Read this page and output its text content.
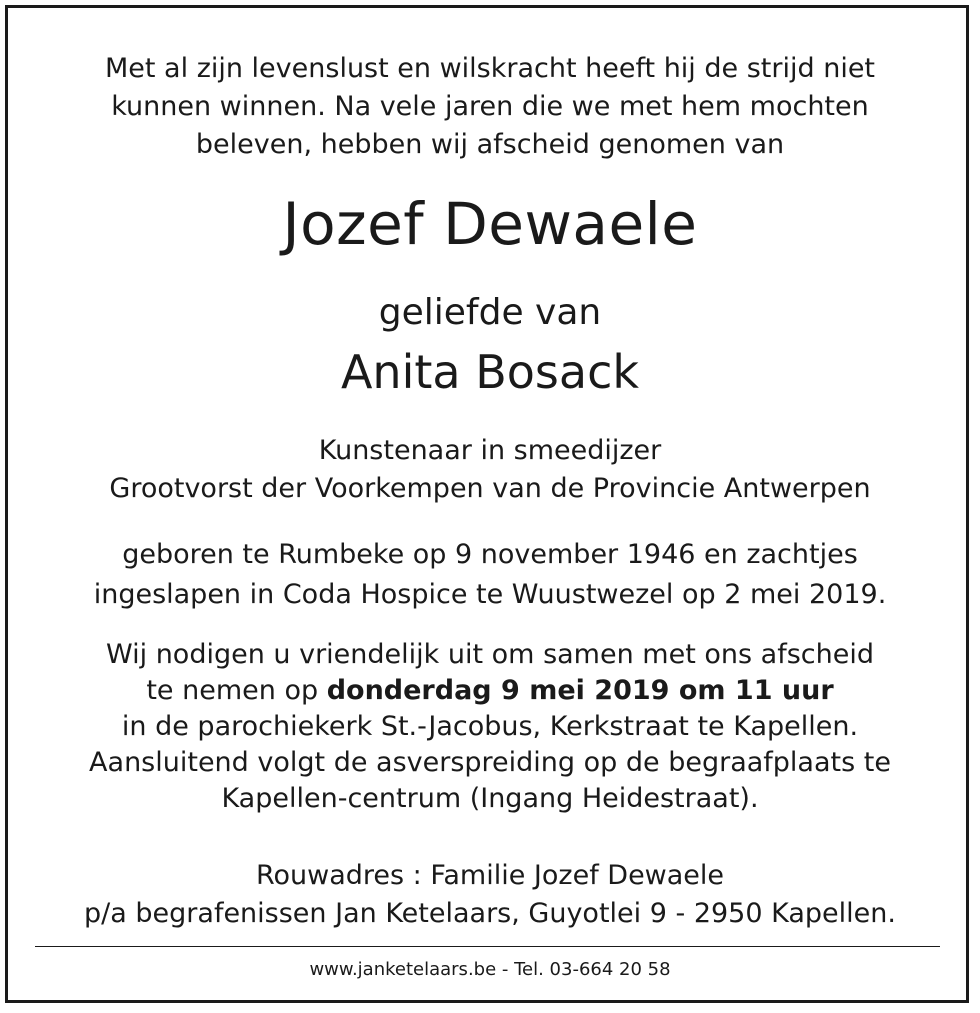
Met al zijn levenslust en wilskracht heeft hij de strijd niet
kunnen winnen. Na vele jaren die we met hem mochten
beleven, hebben wij afscheid genomen van
Jozef Dewaele
geliefde van
Anita Bosack
Kunstenaar in smeedijzer
Grootvorst der Voorkempen van de Provincie Antwerpen
geboren te Rumbeke op 9 november 1946 en zachtjes
ingeslapen in Coda Hospice te Wuustwezel op 2 mei 2019.
Wij nodigen u vriendelijk uit om samen met ons afscheid
te nemen op donderdag 9 mei 2019 om 11 uur
in de parochiekerk St.-Jacobus, Kerkstraat te Kapellen.
Aansluitend volgt de asverspreiding op de begraafplaats te
Kapellen-centrum (Ingang Heidestraat).
Rouwadres : Familie Jozef Dewaele
p/a begrafenissen Jan Ketelaars, Guyotlei 9 - 2950 Kapellen.
www.janketelaars.be - Tel. 03-664 20 58
